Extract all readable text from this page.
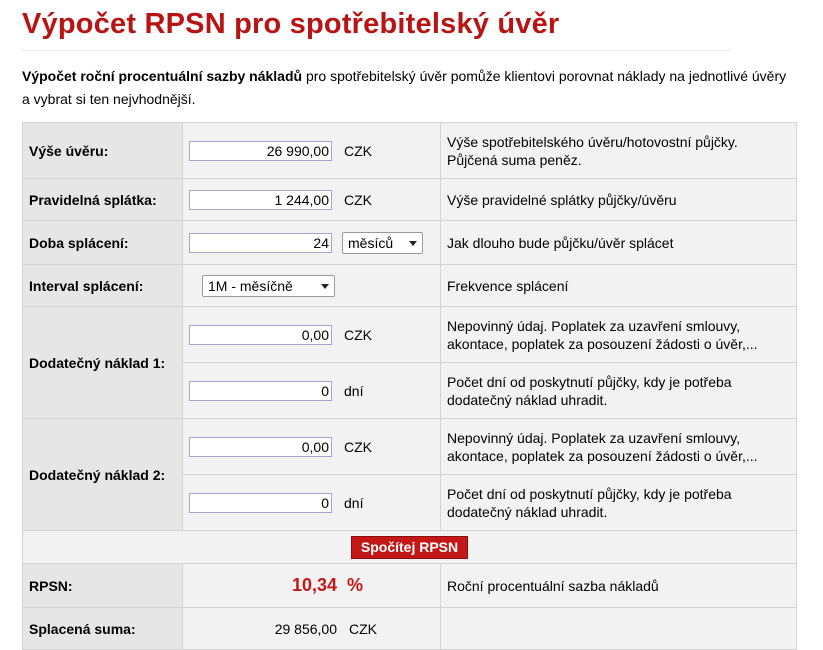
Výpočet RPSN pro spotřebitelský úvěr

Výpočet roční procentuální sazby nákladů pro spotřebitelský úvěr pomůže klientovi porovnat náklady na jednotlivé úvěry a vybrat si ten nejvhodnější.

Výše úvěru:	26 990,00CZK	Výše spotřebitelského úvěru/hotovostní půjčky. Půjčená suma peněz.
Pravidelná splátka:	1 244,00CZK	Výše pravidelné splátky půjčky/úvěru
Doba splácení:	24měsíců	Jak dlouho bude půjčku/úvěr splácet
Interval splácení:	1M - měsíčně	Frekvence splácení
Dodatečný náklad 1:	0,00CZK	Nepovinný údaj. Poplatek za uzavření smlouvy, akontace, poplatek za posouzení žádosti o úvěr,...
0dní	Počet dní od poskytnutí půjčky, kdy je potřeba dodatečný náklad uhradit.
Dodatečný náklad 2:	0,00CZK	Nepovinný údaj. Poplatek za uzavření smlouvy, akontace, poplatek za posouzení žádosti o úvěr,...
0dní	Počet dní od poskytnutí půjčky, kdy je potřeba dodatečný náklad uhradit.
Spočítej RPSN		
RPSN:	10,34 %	Roční procentuální sazba nákladů
Splacená suma:	29 856,00 CZK	
